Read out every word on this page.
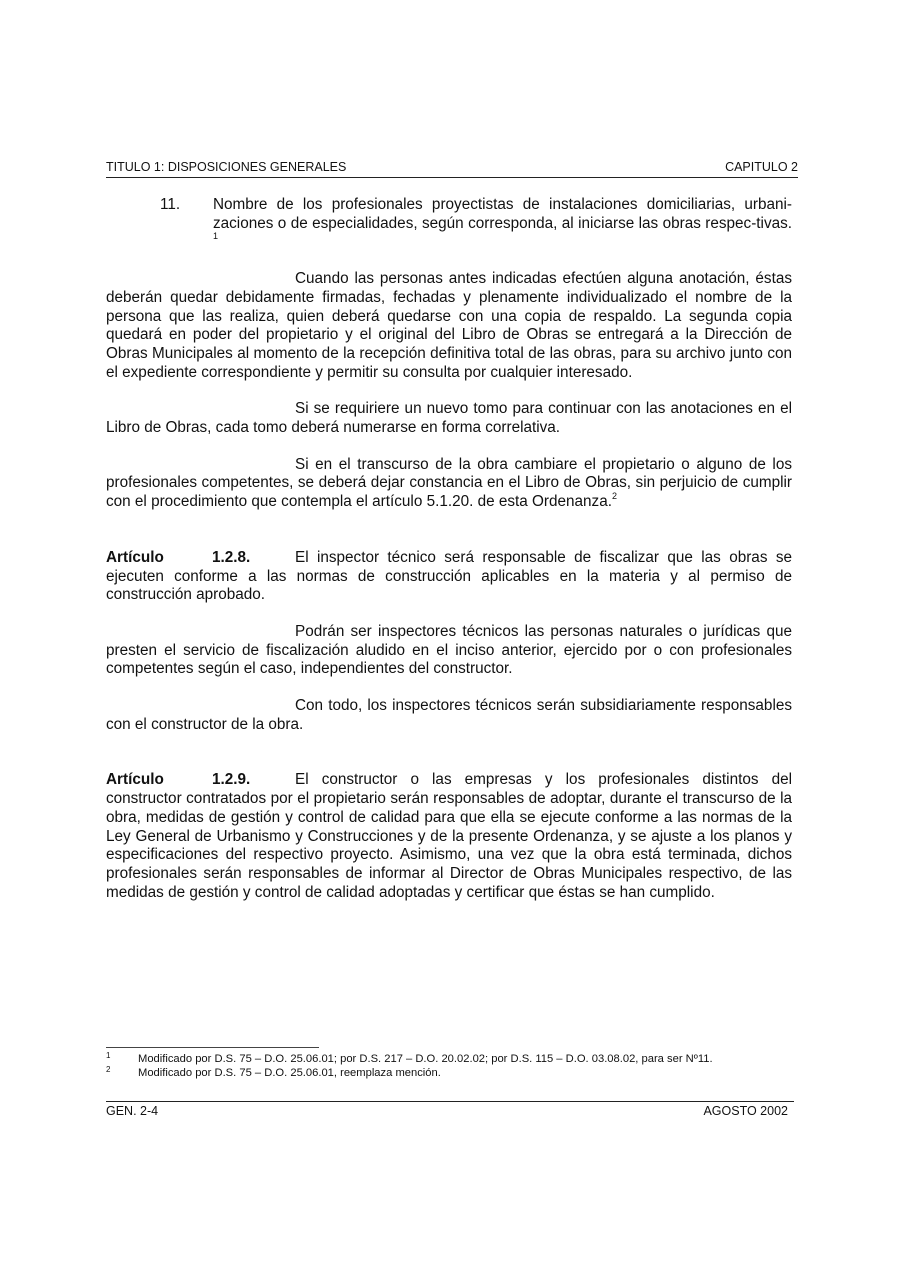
TITULO 1: DISPOSICIONES GENERALES	CAPITULO 2

11. Nombre de los profesionales proyectistas de instalaciones domiciliarias, urbani-zaciones o de especialidades, según corresponda, al iniciarse las obras respec-tivas. $^1$

Cuando las personas antes indicadas efectúen alguna anotación, éstas deberán quedar debidamente firmadas, fechadas y plenamente individualizado el nombre de la persona que las realiza, quien deberá quedarse con una copia de respaldo. La segunda copia quedará en poder del propietario y el original del Libro de Obras se entregará a la Dirección de Obras Municipales al momento de la recepción definitiva total de las obras, para su archivo junto con el expediente correspondiente y permitir su consulta por cualquier interesado.

Si se requiriere un nuevo tomo para continuar con las anotaciones en el Libro de Obras, cada tomo deberá numerarse en forma correlativa.

Si en el transcurso de la obra cambiare el propietario o alguno de los profesionales competentes, se deberá dejar constancia en el Libro de Obras, sin perjuicio de cumplir con el procedimiento que contempla el artículo 5.1.20. de esta Ordenanza.$^2$

Artículo	1.2.8.	El inspector técnico será responsable de fiscalizar que las obras se ejecuten conforme a las normas de construcción aplicables en la materia y al permiso de construcción aprobado.

Podrán ser inspectores técnicos las personas naturales o jurídicas que presten el servicio de fiscalización aludido en el inciso anterior, ejercido por o con profesionales competentes según el caso, independientes del constructor.

Con todo, los inspectores técnicos serán subsidiariamente responsables con el constructor de la obra.

Artículo	1.2.9.	El constructor o las empresas y los profesionales distintos del constructor contratados por el propietario serán responsables de adoptar, durante el transcurso de la obra, medidas de gestión y control de calidad para que ella se ejecute conforme a las normas de la Ley General de Urbanismo y Construcciones y de la presente Ordenanza, y se ajuste a los planos y especificaciones del respectivo proyecto. Asimismo, una vez que la obra está terminada, dichos profesionales serán responsables de informar al Director de Obras Municipales respectivo, de las medidas de gestión y control de calidad adoptadas y certificar que éstas se han cumplido.

1 Modificado por D.S. 75 – D.O. 25.06.01; por D.S. 217 – D.O. 20.02.02; por D.S. 115 – D.O. 03.08.02, para ser Nº11.
2 Modificado por D.S. 75 – D.O. 25.06.01, reemplaza mención.
GEN. 2-4	AGOSTO 2002
